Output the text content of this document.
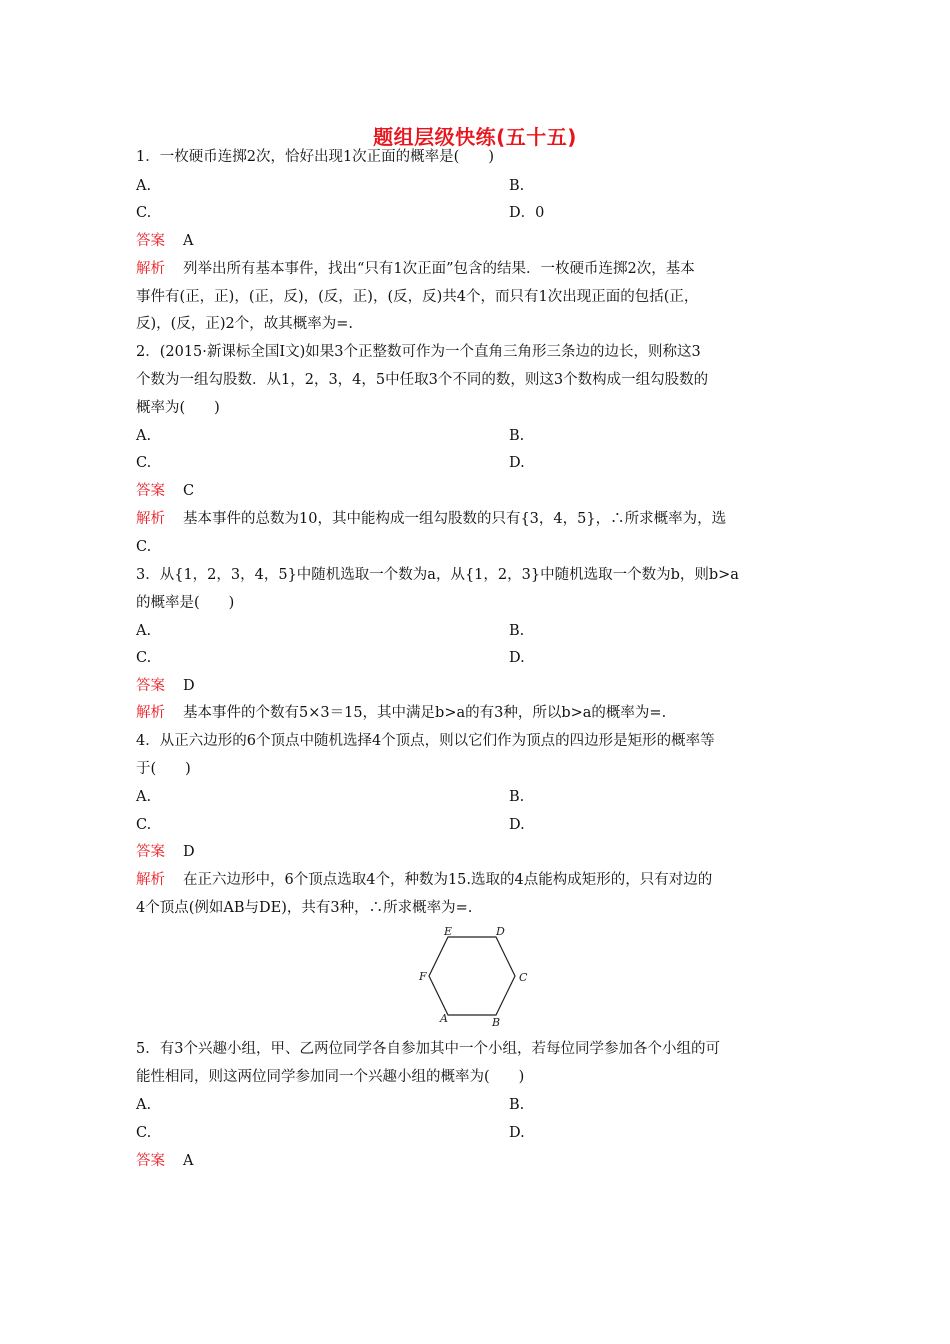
题组层级快练(五十五)
1．一枚硬币连掷2次，恰好出现1次正面的概率是(　　)
A.	B.
C.	D．0
答案 A
解析 列举出所有基本事件，找出“只有1次正面”包含的结果．一枚硬币连掷2次，基本
事件有(正，正)，(正，反)，(反，正)，(反，反)共4个，而只有1次出现正面的包括(正，
反)，(反，正)2个，故其概率为=.
2．(2015·新课标全国Ⅰ文)如果3个正整数可作为一个直角三角形三条边的边长，则称这3
个数为一组勾股数．从1，2，3，4，5中任取3个不同的数，则这3个数构成一组勾股数的
概率为(　　)
A.	B.
C.	D.
答案 C
解析 基本事件的总数为10，其中能构成一组勾股数的只有{3，4，5}，∴所求概率为，选
C.
3．从{1，2，3，4，5}中随机选取一个数为a，从{1，2，3}中随机选取一个数为b，则b>a
的概率是(　　)
A.	B.
C.	D.
答案 D
解析 基本事件的个数有5×3＝15，其中满足b>a的有3种，所以b>a的概率为=.
4．从正六边形的6个顶点中随机选择4个顶点，则以它们作为顶点的四边形是矩形的概率等
于(　　)
A.	B.
C.	D.
答案 D
解析 在正六边形中，6个顶点选取4个，种数为15.选取的4点能构成矩形的，只有对边的
4个顶点(例如AB与DE)，共有3种，∴所求概率为=.
A	B
C
D
E
F
5．有3个兴趣小组，甲、乙两位同学各自参加其中一个小组，若每位同学参加各个小组的可
能性相同，则这两位同学参加同一个兴趣小组的概率为(　　)
A.	B.
C.	D.
答案 A
